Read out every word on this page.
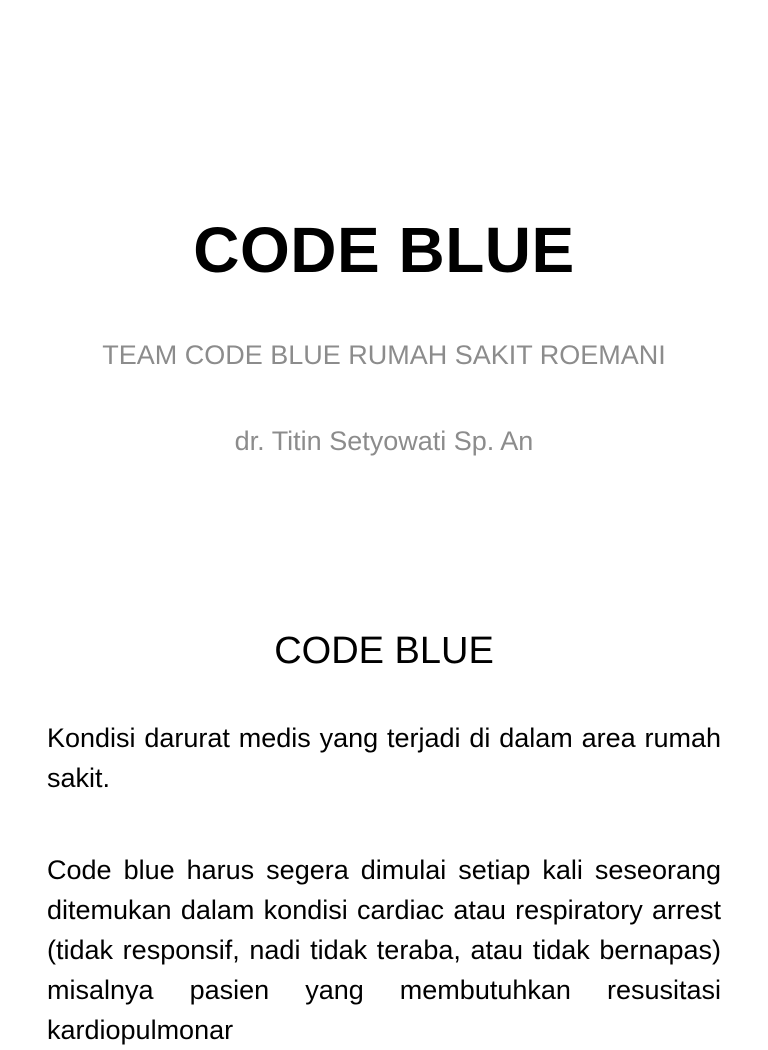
CODE BLUE

TEAM CODE BLUE RUMAH SAKIT ROEMANI

dr. Titin Setyowati Sp. An

CODE BLUE

Kondisi darurat medis yang terjadi di dalam area rumah sakit.

Code blue harus segera dimulai setiap kali seseorang ditemukan dalam kondisi cardiac atau respiratory arrest (tidak responsif, nadi tidak teraba, atau tidak bernapas) misalnya pasien yang membutuhkan resusitasi kardiopulmonar
